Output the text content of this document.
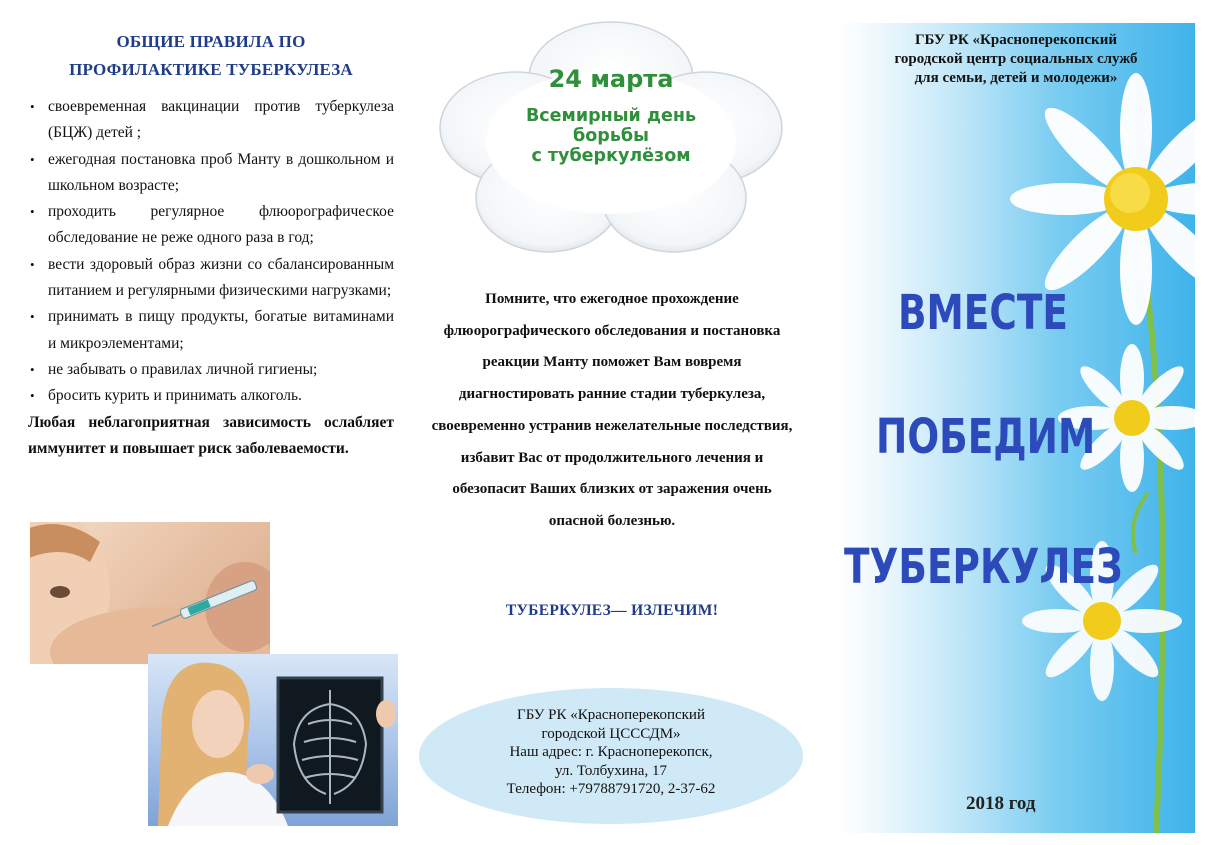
ОБЩИЕ ПРАВИЛА ПО
ПРОФИЛАКТИКЕ ТУБЕРКУЛЕЗА
• своевременная вакцинации против туберкулеза (БЦЖ) детей ;
• ежегодная постановка проб Манту в дошкольном и школьном возрасте;
• проходить регулярное флюорографическое обследование не реже одного раза в год;
• вести здоровый образ жизни со сбалансированным питанием и регулярными физическими нагрузками;
• принимать в пищу продукты, богатые витаминами и микроэлементами;
• не забывать о правилах личной гигиены;
• бросить курить и принимать алкоголь.

Любая неблагоприятная зависимость ослабляет иммунитет и повышает риск заболеваемости.

24 марта
Всемирный день
борьбы
с туберкулёзом

Помните, что ежегодное прохождение флюорографического обследования и постановка реакции Манту поможет Вам вовремя диагностировать ранние стадии туберкулеза, своевременно устранив нежелательные последствия, избавит Вас от продолжительного лечения и обезопасит Ваших близких от заражения очень опасной болезнью.

ТУБЕРКУЛЕЗ— ИЗЛЕЧИМ!

ГБУ РК «Красноперекопский
городской ЦСССДМ»
Наш адрес: г. Красноперекопск,
ул. Толбухина, 17
Телефон: +79788791720, 2-37-62

ГБУ РК «Красноперекопский
городской центр социальных служб
для семьи, детей и молодежи»

ВМЕСТЕ

ПОБЕДИМ

ТУБЕРКУЛЕЗ

2018 год
